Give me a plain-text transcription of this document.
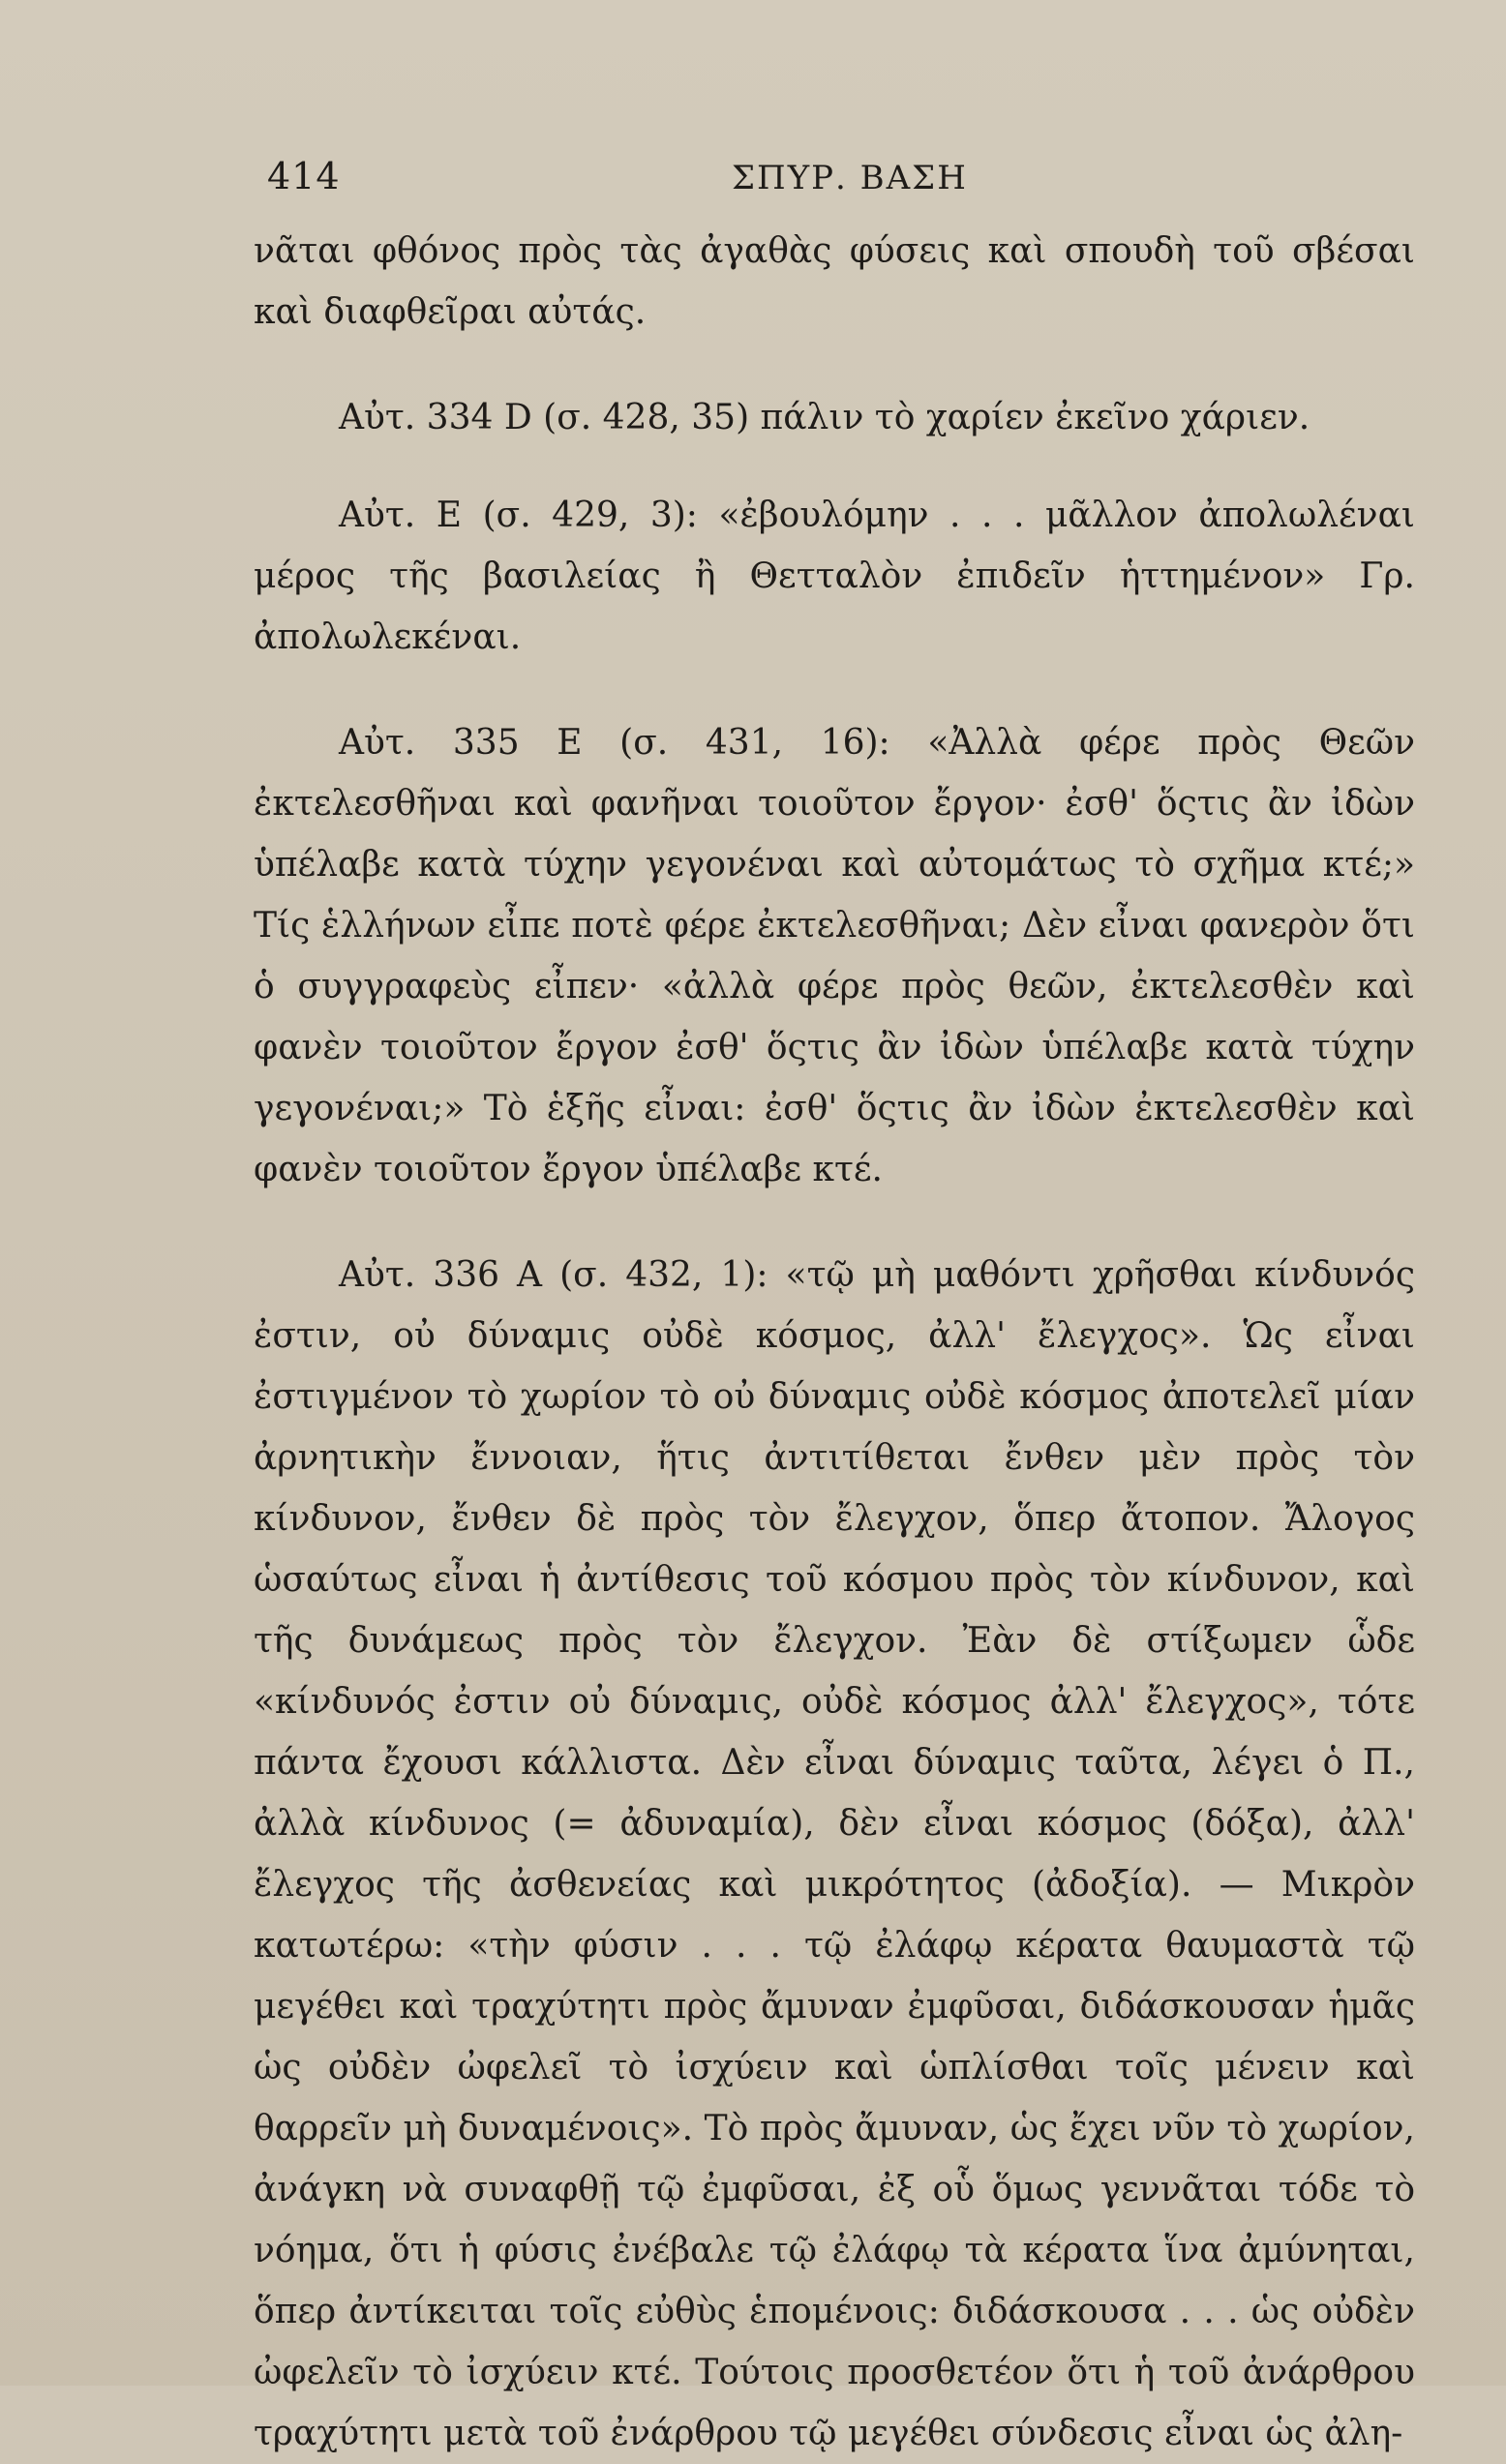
414	ΣΠΥΡ. ΒΑΣΗ

νᾶται φθόνος πρὸς τὰς ἀγαθὰς φύσεις καὶ σπουδὴ τοῦ σβέσαι καὶ διαφθεῖραι αὐτάς.

Αὐτ. 334 D (σ. 428, 35) πάλιν τὸ χαρίεν ἐκεῖνο χάριεν.

Αὐτ. E (σ. 429, 3): «ἐβουλόμην . . . μᾶλλον ἀπολωλέναι μέρος τῆς βασιλείας ἢ Θετταλὸν ἐπιδεῖν ἡττημένον» Γρ. ἀπολωλεκέναι.

Αὐτ. 335 E (σ. 431, 16): «Ἀλλὰ φέρε πρὸς Θεῶν ἐκτελεσθῆναι καὶ φανῆναι τοιοῦτον ἔργον· ἐσθ' ὅςτις ἂν ἰδὼν ὑπέλαβε κατὰ τύχην γεγονέναι καὶ αὐτομάτως τὸ σχῆμα κτέ;» Τίς ἑλλήνων εἶπε ποτὲ φέρε ἐκτελεσθῆναι; Δὲν εἶναι φανερὸν ὅτι ὁ συγγραφεὺς εἶπεν· «ἀλλὰ φέρε πρὸς θεῶν, ἐκτελεσθὲν καὶ φανὲν τοιοῦτον ἔργον ἐσθ' ὅςτις ἂν ἰδὼν ὑπέλαβε κατὰ τύχην γεγονέναι;» Τὸ ἑξῆς εἶναι: ἐσθ' ὅςτις ἂν ἰδὼν ἐκτελεσθὲν καὶ φανὲν τοιοῦτον ἔργον ὑπέλαβε κτέ.

Αὐτ. 336 A (σ. 432, 1): «τῷ μὴ μαθόντι χρῆσθαι κίνδυνός ἐστιν, οὐ δύναμις οὐδὲ κόσμος, ἀλλ' ἔλεγχος». Ὡς εἶναι ἐστιγμένον τὸ χωρίον τὸ οὐ δύναμις οὐδὲ κόσμος ἀποτελεῖ μίαν ἀρνητικὴν ἔννοιαν, ἥτις ἀντιτίθεται ἔνθεν μὲν πρὸς τὸν κίνδυνον, ἔνθεν δὲ πρὸς τὸν ἔλεγχον, ὅπερ ἄτοπον. Ἄλογος ὡσαύτως εἶναι ἡ ἀντίθεσις τοῦ κόσμου πρὸς τὸν κίνδυνον, καὶ τῆς δυνάμεως πρὸς τὸν ἔλεγχον. Ἐὰν δὲ στίξωμεν ὧδε «κίνδυνός ἐστιν οὐ δύναμις, οὐδὲ κόσμος ἀλλ' ἔλεγχος», τότε πάντα ἔχουσι κάλλιστα. Δὲν εἶναι δύναμις ταῦτα, λέγει ὁ Π., ἀλλὰ κίνδυνος (= ἀδυναμία), δὲν εἶναι κόσμος (δόξα), ἀλλ' ἔλεγχος τῆς ἀσθενείας καὶ μικρότητος (ἀδοξία). — Μικρὸν κατωτέρω: «τὴν φύσιν . . . τῷ ἐλάφῳ κέρατα θαυμαστὰ τῷ μεγέθει καὶ τραχύτητι πρὸς ἄμυναν ἐμφῦσαι, διδάσκουσαν ἡμᾶς ὡς οὐδὲν ὠφελεῖ τὸ ἰσχύειν καὶ ὡπλίσθαι τοῖς μένειν καὶ θαρρεῖν μὴ δυναμένοις». Τὸ πρὸς ἄμυναν, ὡς ἔχει νῦν τὸ χωρίον, ἀνάγκη νὰ συναφθῇ τῷ ἐμφῦσαι, ἐξ οὗ ὅμως γεννᾶται τόδε τὸ νόημα, ὅτι ἡ φύσις ἐνέβαλε τῷ ἐλάφῳ τὰ κέρατα ἵνα ἀμύνηται, ὅπερ ἀντίκειται τοῖς εὐθὺς ἑπομένοις: διδάσκουσα . . . ὡς οὐδὲν ὠφελεῖν τὸ ἰσχύειν κτέ. Τούτοις προσθετέον ὅτι ἡ τοῦ ἀνάρθρου τραχύτητι μετὰ τοῦ ἐνάρθρου τῷ μεγέθει σύνδεσις εἶναι ὡς ἀλη-
